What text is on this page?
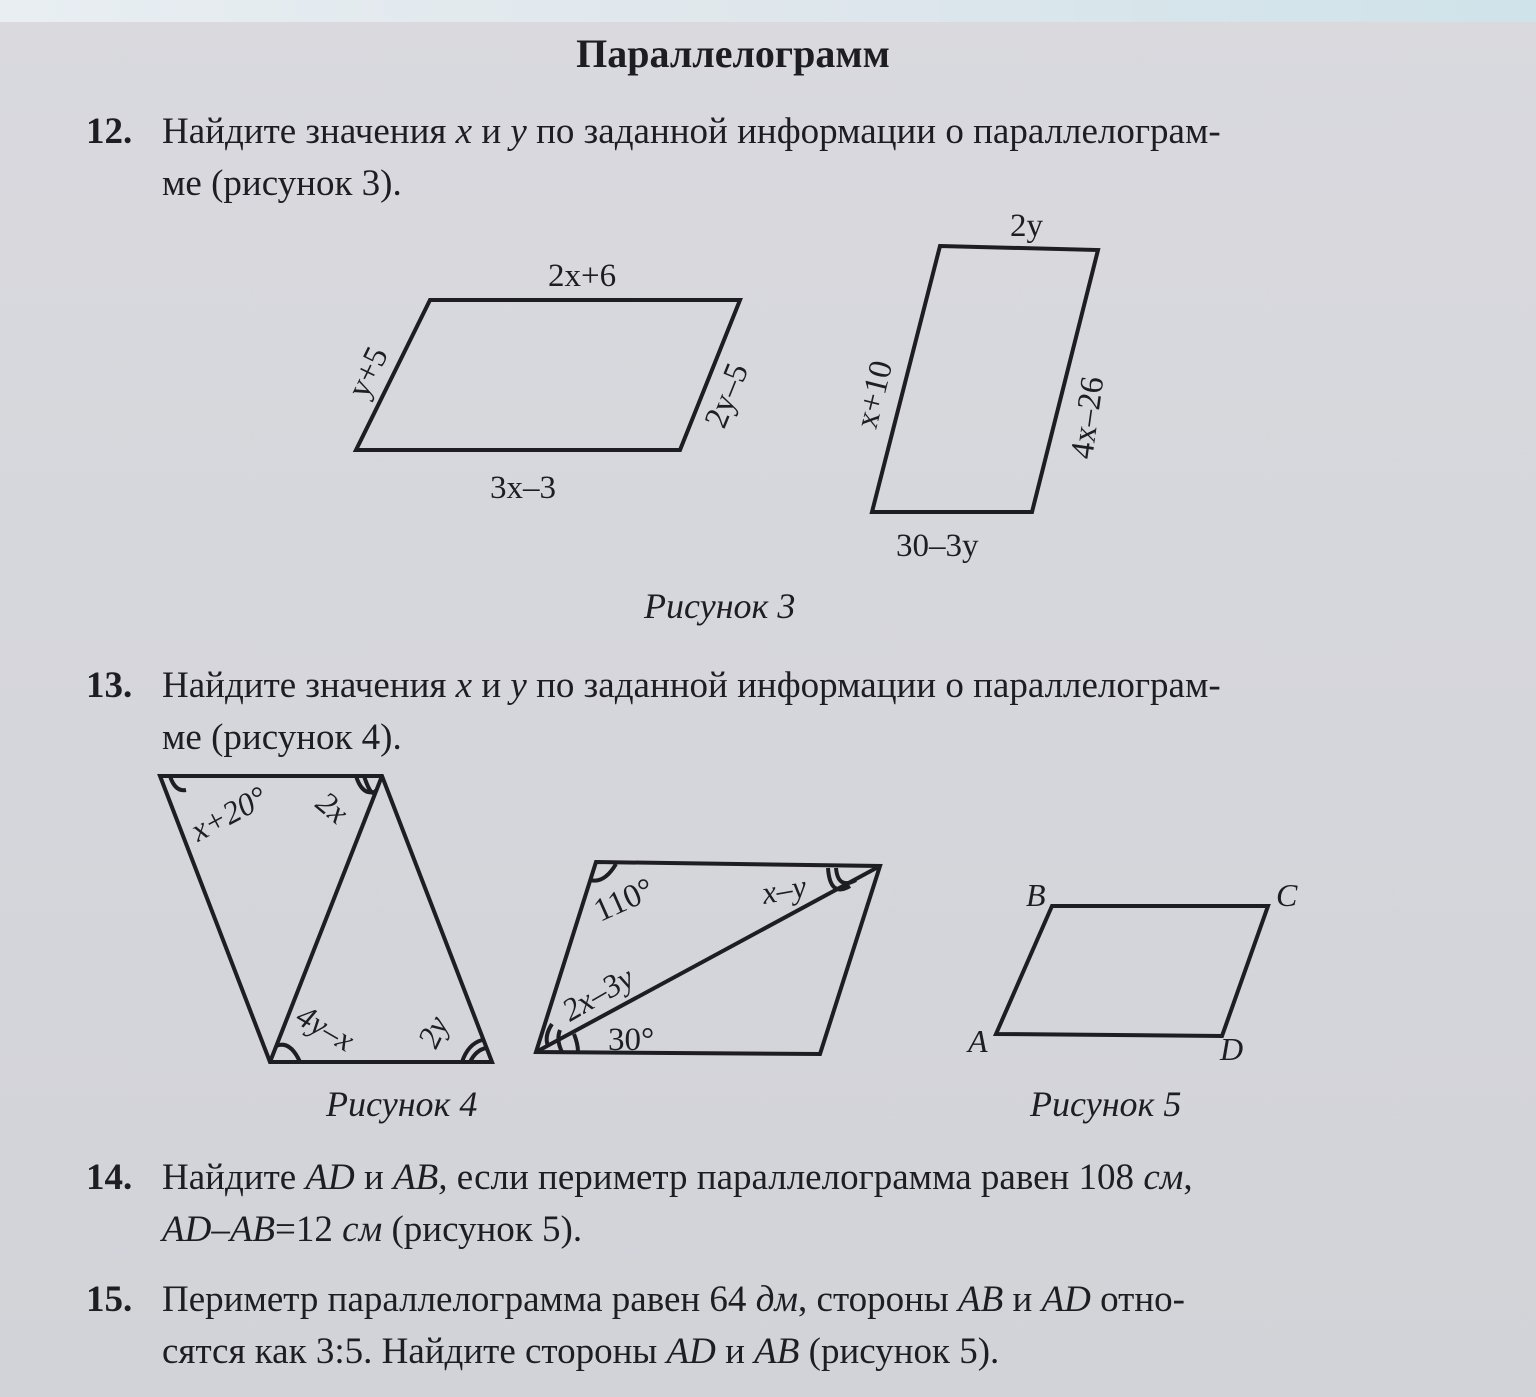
Параллелограмм
12. Найдите значения x и y по заданной информации о параллелограм-
ме (рисунок 3).
13. Найдите значения x и y по заданной информации о параллелограм-
ме (рисунок 4).
14. Найдите AD и AB, если периметр параллелограмма равен 108 см,
AD–AB=12 см (рисунок 5).
15. Периметр параллелограмма равен 64 дм, стороны AB и AD отно-
сятся как 3:5. Найдите стороны AD и AB (рисунок 5).
2x+6
3x–3
y+5	2y–5
2y
30–3y
x+10	4x–26
Рисунок 3
x+20° 2x
4y–x 2y
110°	x–y
2x–3y
30°
Рисунок 4
B	C
A	D
Рисунок 5
